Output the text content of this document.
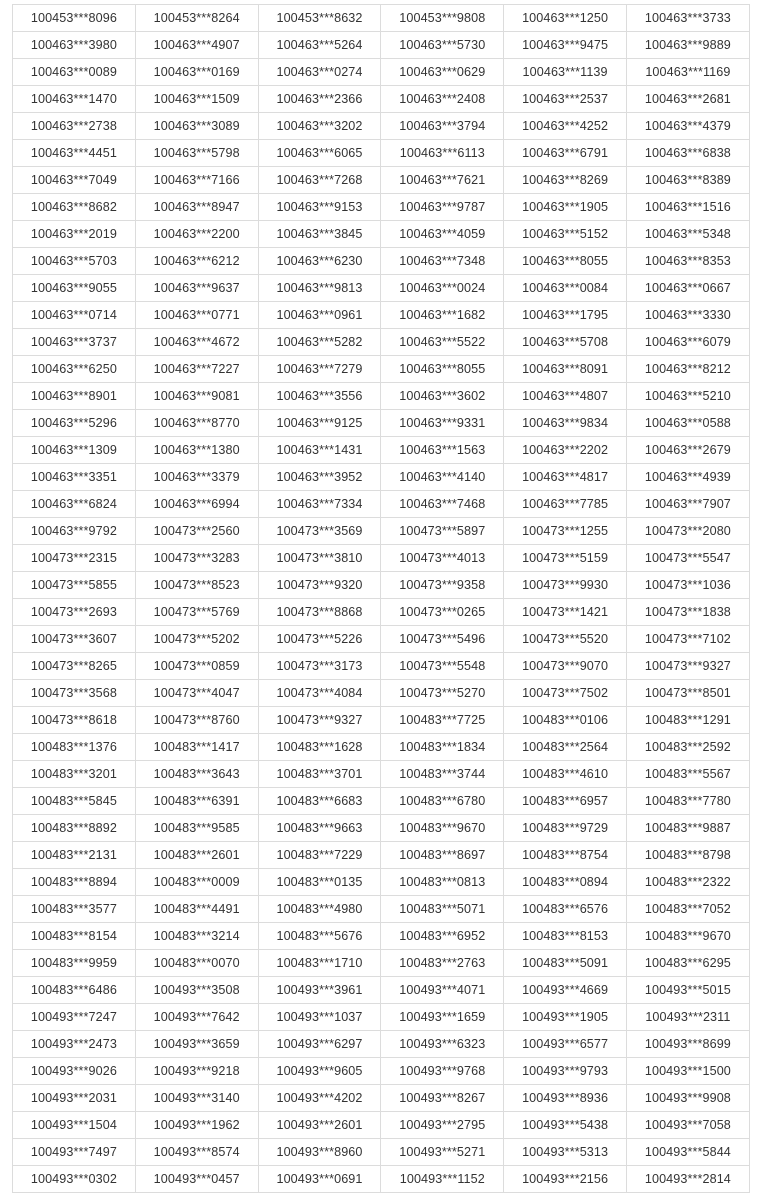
100453***8096	100453***8264	100453***8632	100453***9808	100463***1250	100463***3733
100463***3980	100463***4907	100463***5264	100463***5730	100463***9475	100463***9889
100463***0089	100463***0169	100463***0274	100463***0629	100463***1139	100463***1169
100463***1470	100463***1509	100463***2366	100463***2408	100463***2537	100463***2681
100463***2738	100463***3089	100463***3202	100463***3794	100463***4252	100463***4379
100463***4451	100463***5798	100463***6065	100463***6113	100463***6791	100463***6838
100463***7049	100463***7166	100463***7268	100463***7621	100463***8269	100463***8389
100463***8682	100463***8947	100463***9153	100463***9787	100463***1905	100463***1516
100463***2019	100463***2200	100463***3845	100463***4059	100463***5152	100463***5348
100463***5703	100463***6212	100463***6230	100463***7348	100463***8055	100463***8353
100463***9055	100463***9637	100463***9813	100463***0024	100463***0084	100463***0667
100463***0714	100463***0771	100463***0961	100463***1682	100463***1795	100463***3330
100463***3737	100463***4672	100463***5282	100463***5522	100463***5708	100463***6079
100463***6250	100463***7227	100463***7279	100463***8055	100463***8091	100463***8212
100463***8901	100463***9081	100463***3556	100463***3602	100463***4807	100463***5210
100463***5296	100463***8770	100463***9125	100463***9331	100463***9834	100463***0588
100463***1309	100463***1380	100463***1431	100463***1563	100463***2202	100463***2679
100463***3351	100463***3379	100463***3952	100463***4140	100463***4817	100463***4939
100463***6824	100463***6994	100463***7334	100463***7468	100463***7785	100463***7907
100463***9792	100473***2560	100473***3569	100473***5897	100473***1255	100473***2080
100473***2315	100473***3283	100473***3810	100473***4013	100473***5159	100473***5547
100473***5855	100473***8523	100473***9320	100473***9358	100473***9930	100473***1036
100473***2693	100473***5769	100473***8868	100473***0265	100473***1421	100473***1838
100473***3607	100473***5202	100473***5226	100473***5496	100473***5520	100473***7102
100473***8265	100473***0859	100473***3173	100473***5548	100473***9070	100473***9327
100473***3568	100473***4047	100473***4084	100473***5270	100473***7502	100473***8501
100473***8618	100473***8760	100473***9327	100483***7725	100483***0106	100483***1291
100483***1376	100483***1417	100483***1628	100483***1834	100483***2564	100483***2592
100483***3201	100483***3643	100483***3701	100483***3744	100483***4610	100483***5567
100483***5845	100483***6391	100483***6683	100483***6780	100483***6957	100483***7780
100483***8892	100483***9585	100483***9663	100483***9670	100483***9729	100483***9887
100483***2131	100483***2601	100483***7229	100483***8697	100483***8754	100483***8798
100483***8894	100483***0009	100483***0135	100483***0813	100483***0894	100483***2322
100483***3577	100483***4491	100483***4980	100483***5071	100483***6576	100483***7052
100483***8154	100483***3214	100483***5676	100483***6952	100483***8153	100483***9670
100483***9959	100483***0070	100483***1710	100483***2763	100483***5091	100483***6295
100483***6486	100493***3508	100493***3961	100493***4071	100493***4669	100493***5015
100493***7247	100493***7642	100493***1037	100493***1659	100493***1905	100493***2311
100493***2473	100493***3659	100493***6297	100493***6323	100493***6577	100493***8699
100493***9026	100493***9218	100493***9605	100493***9768	100493***9793	100493***1500
100493***2031	100493***3140	100493***4202	100493***8267	100493***8936	100493***9908
100493***1504	100493***1962	100493***2601	100493***2795	100493***5438	100493***7058
100493***7497	100493***8574	100493***8960	100493***5271	100493***5313	100493***5844
100493***0302	100493***0457	100493***0691	100493***1152	100493***2156	100493***2814
